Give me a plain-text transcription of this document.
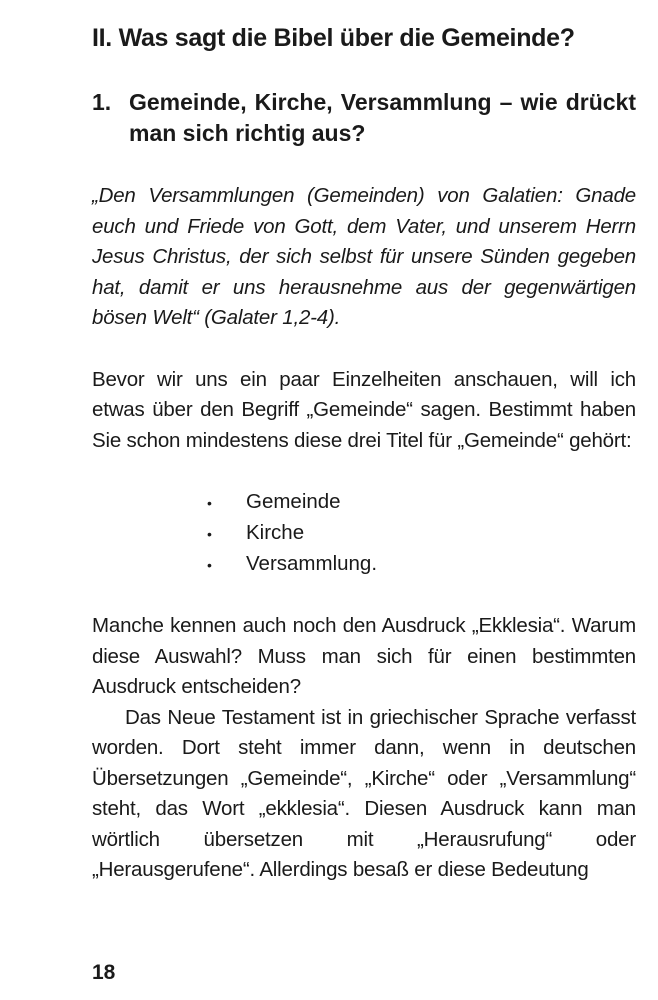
II. Was sagt die Bibel über die Gemeinde?
1. Gemeinde, Kirche, Versammlung – wie drückt man sich richtig aus?

„Den Versammlungen (Gemeinden) von Galatien: Gnade euch und Friede von Gott, dem Vater, und unserem Herrn Jesus Christus, der sich selbst für unsere Sünden gegeben hat, damit er uns herausnehme aus der gegenwärtigen bösen Welt“ (Galater 1,2-4).

Bevor wir uns ein paar Einzelheiten anschauen, will ich etwas über den Begriff „Gemeinde“ sagen. Bestimmt haben Sie schon mindestens diese drei Titel für „Gemeinde“ gehört:

•	Gemeinde
•	Kirche
•	Versammlung.

Manche kennen auch noch den Ausdruck „Ekklesia“. Warum diese Auswahl? Muss man sich für einen bestimmten Ausdruck entscheiden?

Das Neue Testament ist in griechischer Sprache verfasst worden. Dort steht immer dann, wenn in deutschen Übersetzungen „Gemeinde“, „Kirche“ oder „Versammlung“ steht, das Wort „ekklesia“. Diesen Ausdruck kann man wörtlich übersetzen mit „Herausrufung“ oder „Herausgerufene“. Allerdings besaß er diese Bedeutung

18
